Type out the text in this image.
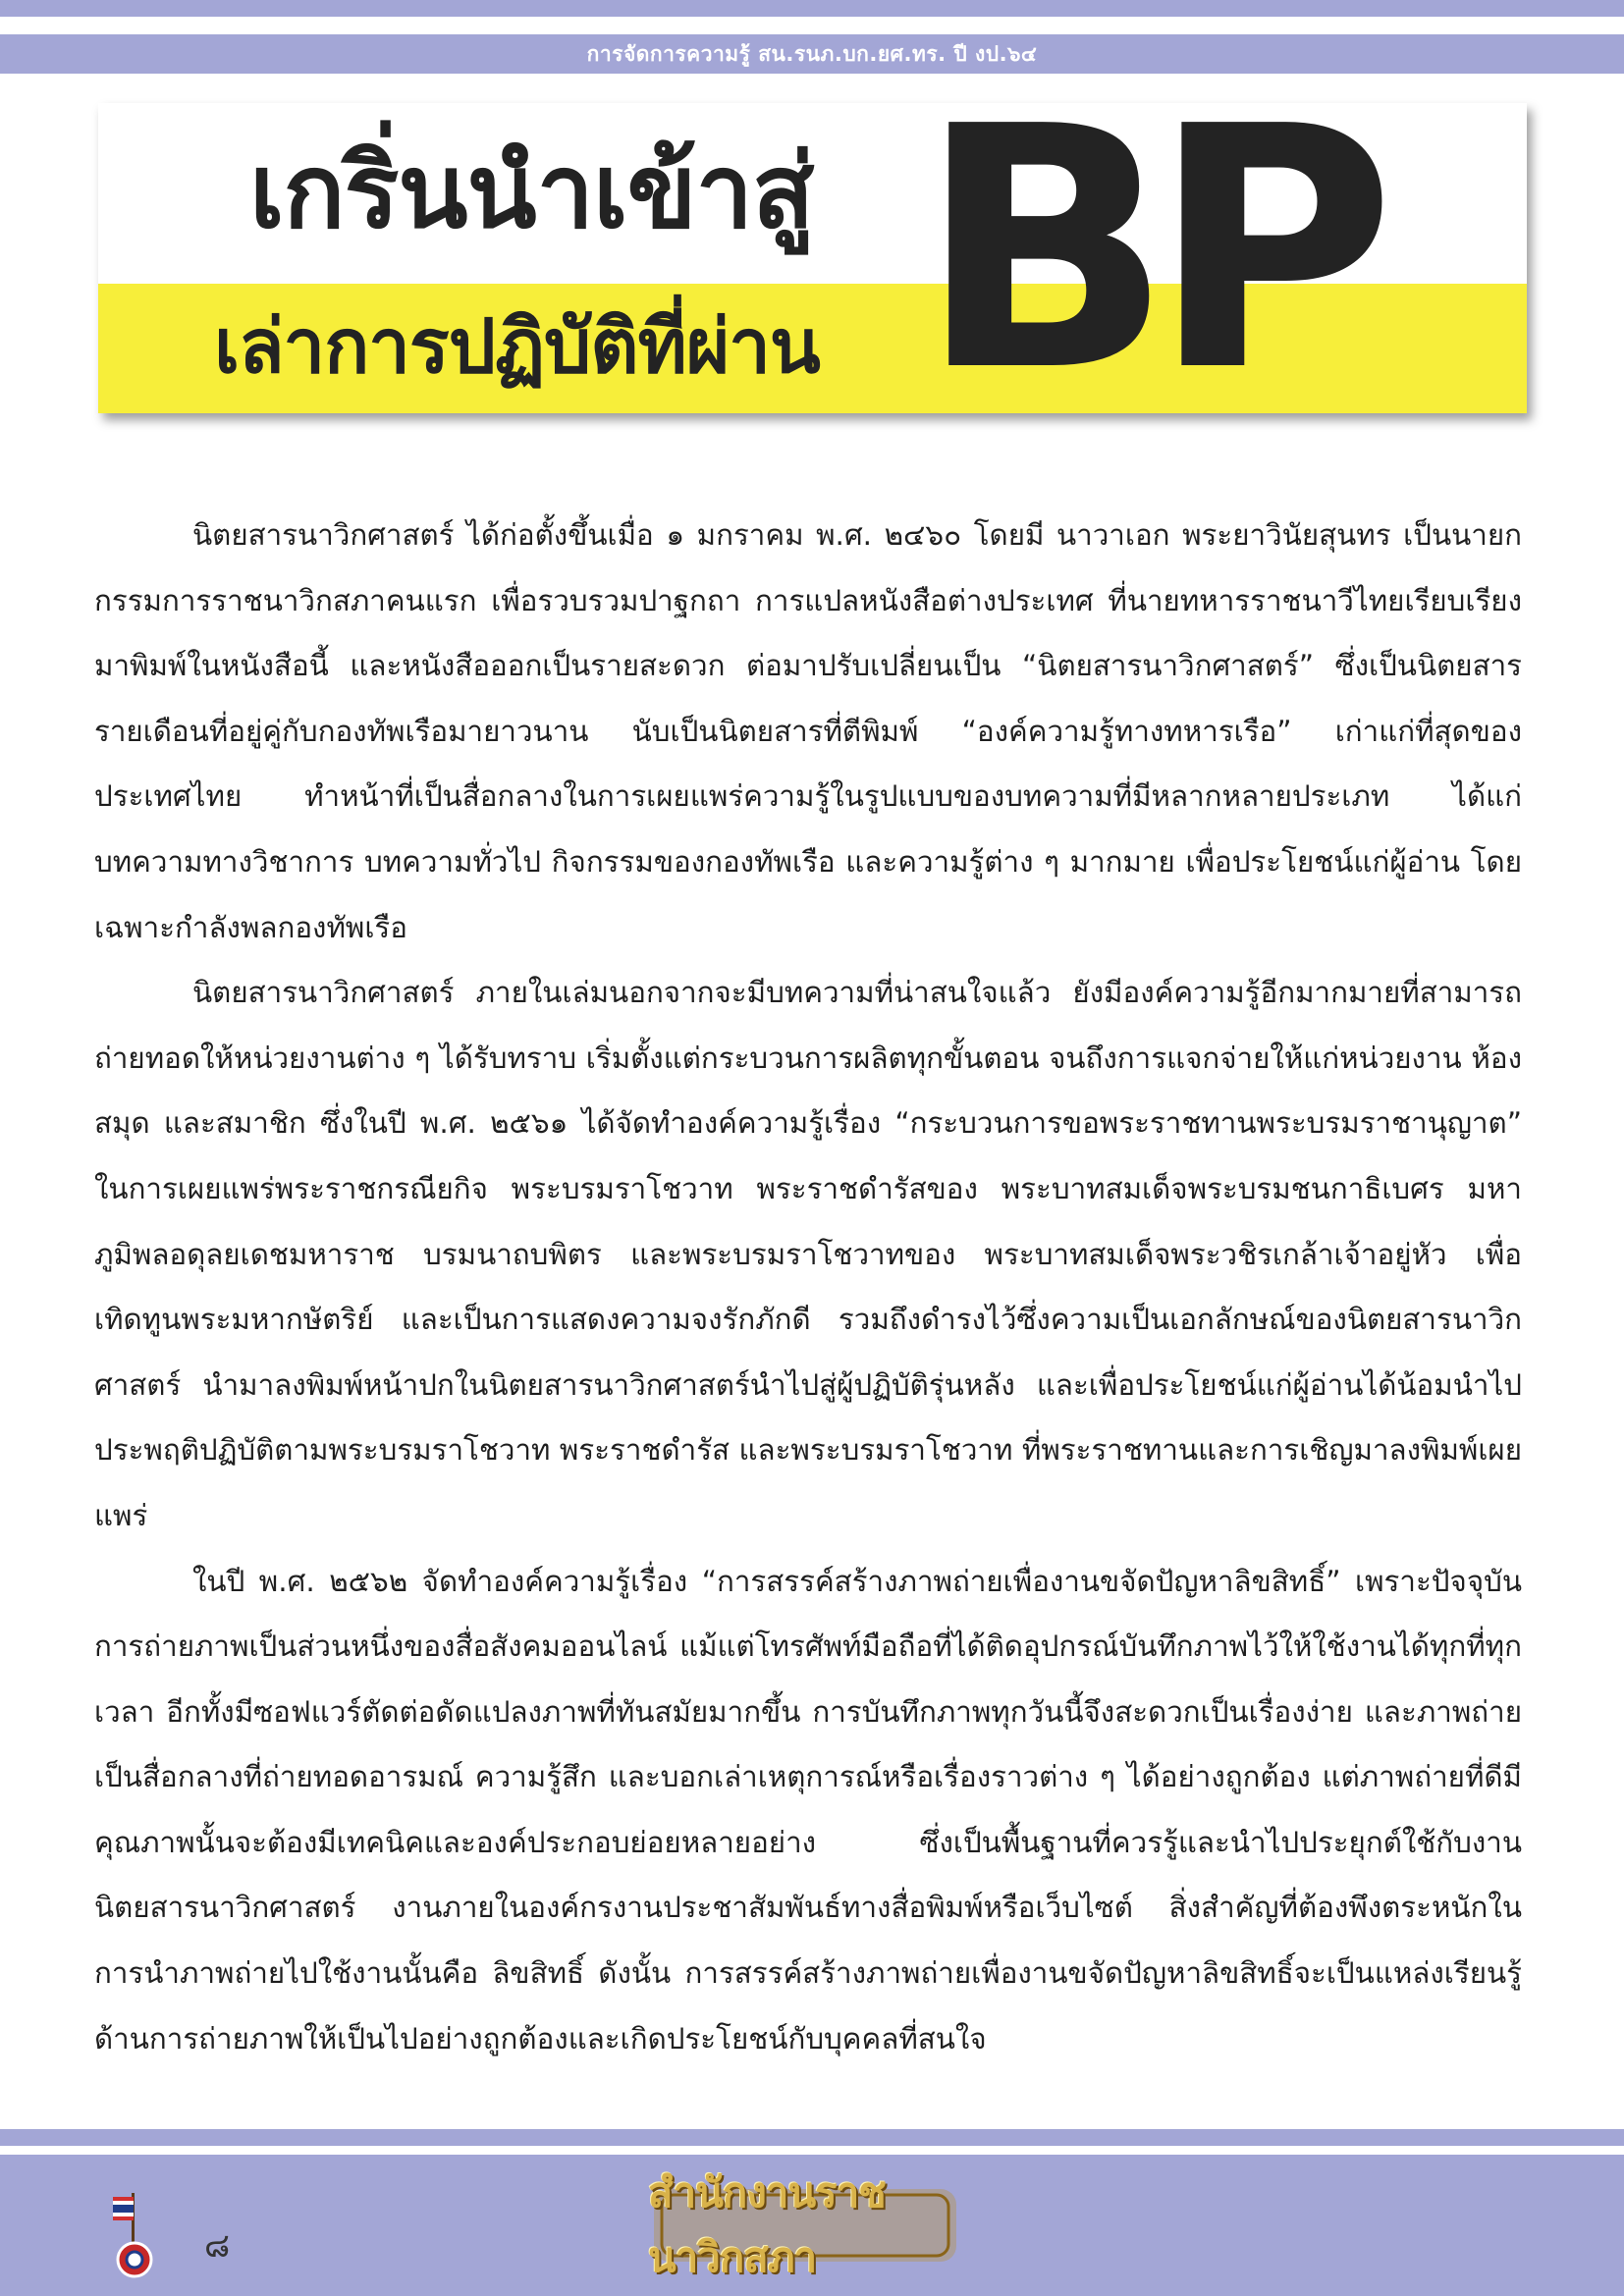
การจัดการความรู้ สน.รนภ.บก.ยศ.ทร. ปี งป.๖๔
เกริ่นนำเข้าสู่
เล่าการปฏิบัติที่ผ่าน BP

นิตยสารนาวิกศาสตร์ ได้ก่อตั้งขึ้นเมื่อ ๑ มกราคม พ.ศ. ๒๔๖๐ โดยมี นาวาเอก พระยาวินัยสุนทร เป็นนายกกรรมการราชนาวิกสภาคนแรก เพื่อรวบรวมปาฐกถา การแปลหนังสือต่างประเทศ ที่นายทหารราชนาวีไทยเรียบเรียงมาพิมพ์ในหนังสือนี้ และหนังสือออกเป็นรายสะดวก ต่อมาปรับเปลี่ยนเป็น “นิตยสารนาวิกศาสตร์” ซึ่งเป็นนิตยสารรายเดือนที่อยู่คู่กับกองทัพเรือมายาวนาน นับเป็นนิตยสารที่ตีพิมพ์ “องค์ความรู้ทางทหารเรือ” เก่าแก่ที่สุดของประเทศไทย ทำหน้าที่เป็นสื่อกลางในการเผยแพร่ความรู้ในรูปแบบของบทความที่มีหลากหลายประเภท ได้แก่ บทความทางวิชาการ บทความทั่วไป กิจกรรมของกองทัพเรือ และความรู้ต่าง ๆ มากมาย เพื่อประโยชน์แก่ผู้อ่าน โดยเฉพาะกำลังพลกองทัพเรือ

นิตยสารนาวิกศาสตร์ ภายในเล่มนอกจากจะมีบทความที่น่าสนใจแล้ว ยังมีองค์ความรู้อีกมากมายที่สามารถถ่ายทอดให้หน่วยงานต่าง ๆ ได้รับทราบ เริ่มตั้งแต่กระบวนการผลิตทุกขั้นตอน จนถึงการแจกจ่ายให้แก่หน่วยงาน ห้องสมุด และสมาชิก ซึ่งในปี พ.ศ. ๒๕๖๑ ได้จัดทำองค์ความรู้เรื่อง “กระบวนการขอพระราชทานพระบรมราชานุญาต” ในการเผยแพร่พระราชกรณียกิจ พระบรมราโชวาท พระราชดำรัสของ พระบาทสมเด็จพระบรมชนกาธิเบศร มหาภูมิพลอดุลยเดชมหาราช บรมนาถบพิตร และพระบรมราโชวาทของ พระบาทสมเด็จพระวชิรเกล้าเจ้าอยู่หัว เพื่อเทิดทูนพระมหากษัตริย์ และเป็นการแสดงความจงรักภักดี รวมถึงดำรงไว้ซึ่งความเป็นเอกลักษณ์ของนิตยสารนาวิกศาสตร์ นำมาลงพิมพ์หน้าปกในนิตยสารนาวิกศาสตร์นำไปสู่ผู้ปฏิบัติรุ่นหลัง และเพื่อประโยชน์แก่ผู้อ่านได้น้อมนำไปประพฤติปฏิบัติตามพระบรมราโชวาท พระราชดำรัส และพระบรมราโชวาท ที่พระราชทานและการเชิญมาลงพิมพ์เผยแพร่

ในปี พ.ศ. ๒๕๖๒ จัดทำองค์ความรู้เรื่อง “การสรรค์สร้างภาพถ่ายเพื่องานขจัดปัญหาลิขสิทธิ์” เพราะปัจจุบันการถ่ายภาพเป็นส่วนหนึ่งของสื่อสังคมออนไลน์ แม้แต่โทรศัพท์มือถือที่ได้ติดอุปกรณ์บันทึกภาพไว้ให้ใช้งานได้ทุกที่ทุกเวลา อีกทั้งมีซอฟแวร์ตัดต่อดัดแปลงภาพที่ทันสมัยมากขึ้น การบันทึกภาพทุกวันนี้จึงสะดวกเป็นเรื่องง่าย และภาพถ่ายเป็นสื่อกลางที่ถ่ายทอดอารมณ์ ความรู้สึก และบอกเล่าเหตุการณ์หรือเรื่องราวต่าง ๆ ได้อย่างถูกต้อง แต่ภาพถ่ายที่ดีมีคุณภาพนั้นจะต้องมีเทคนิคและองค์ประกอบย่อยหลายอย่าง ซึ่งเป็นพื้นฐานที่ควรรู้และนำไปประยุกต์ใช้กับงานนิตยสารนาวิกศาสตร์ งานภายในองค์กรงานประชาสัมพันธ์ทางสื่อพิมพ์หรือเว็บไซต์ สิ่งสำคัญที่ต้องพึงตระหนักในการนำภาพถ่ายไปใช้งานนั้นคือ ลิขสิทธิ์ ดังนั้น การสรรค์สร้างภาพถ่ายเพื่องานขจัดปัญหาลิขสิทธิ์จะเป็นแหล่งเรียนรู้ด้านการถ่ายภาพให้เป็นไปอย่างถูกต้องและเกิดประโยชน์กับบุคคลที่สนใจ

๘
สำนักงานราชนาวิกสภา
